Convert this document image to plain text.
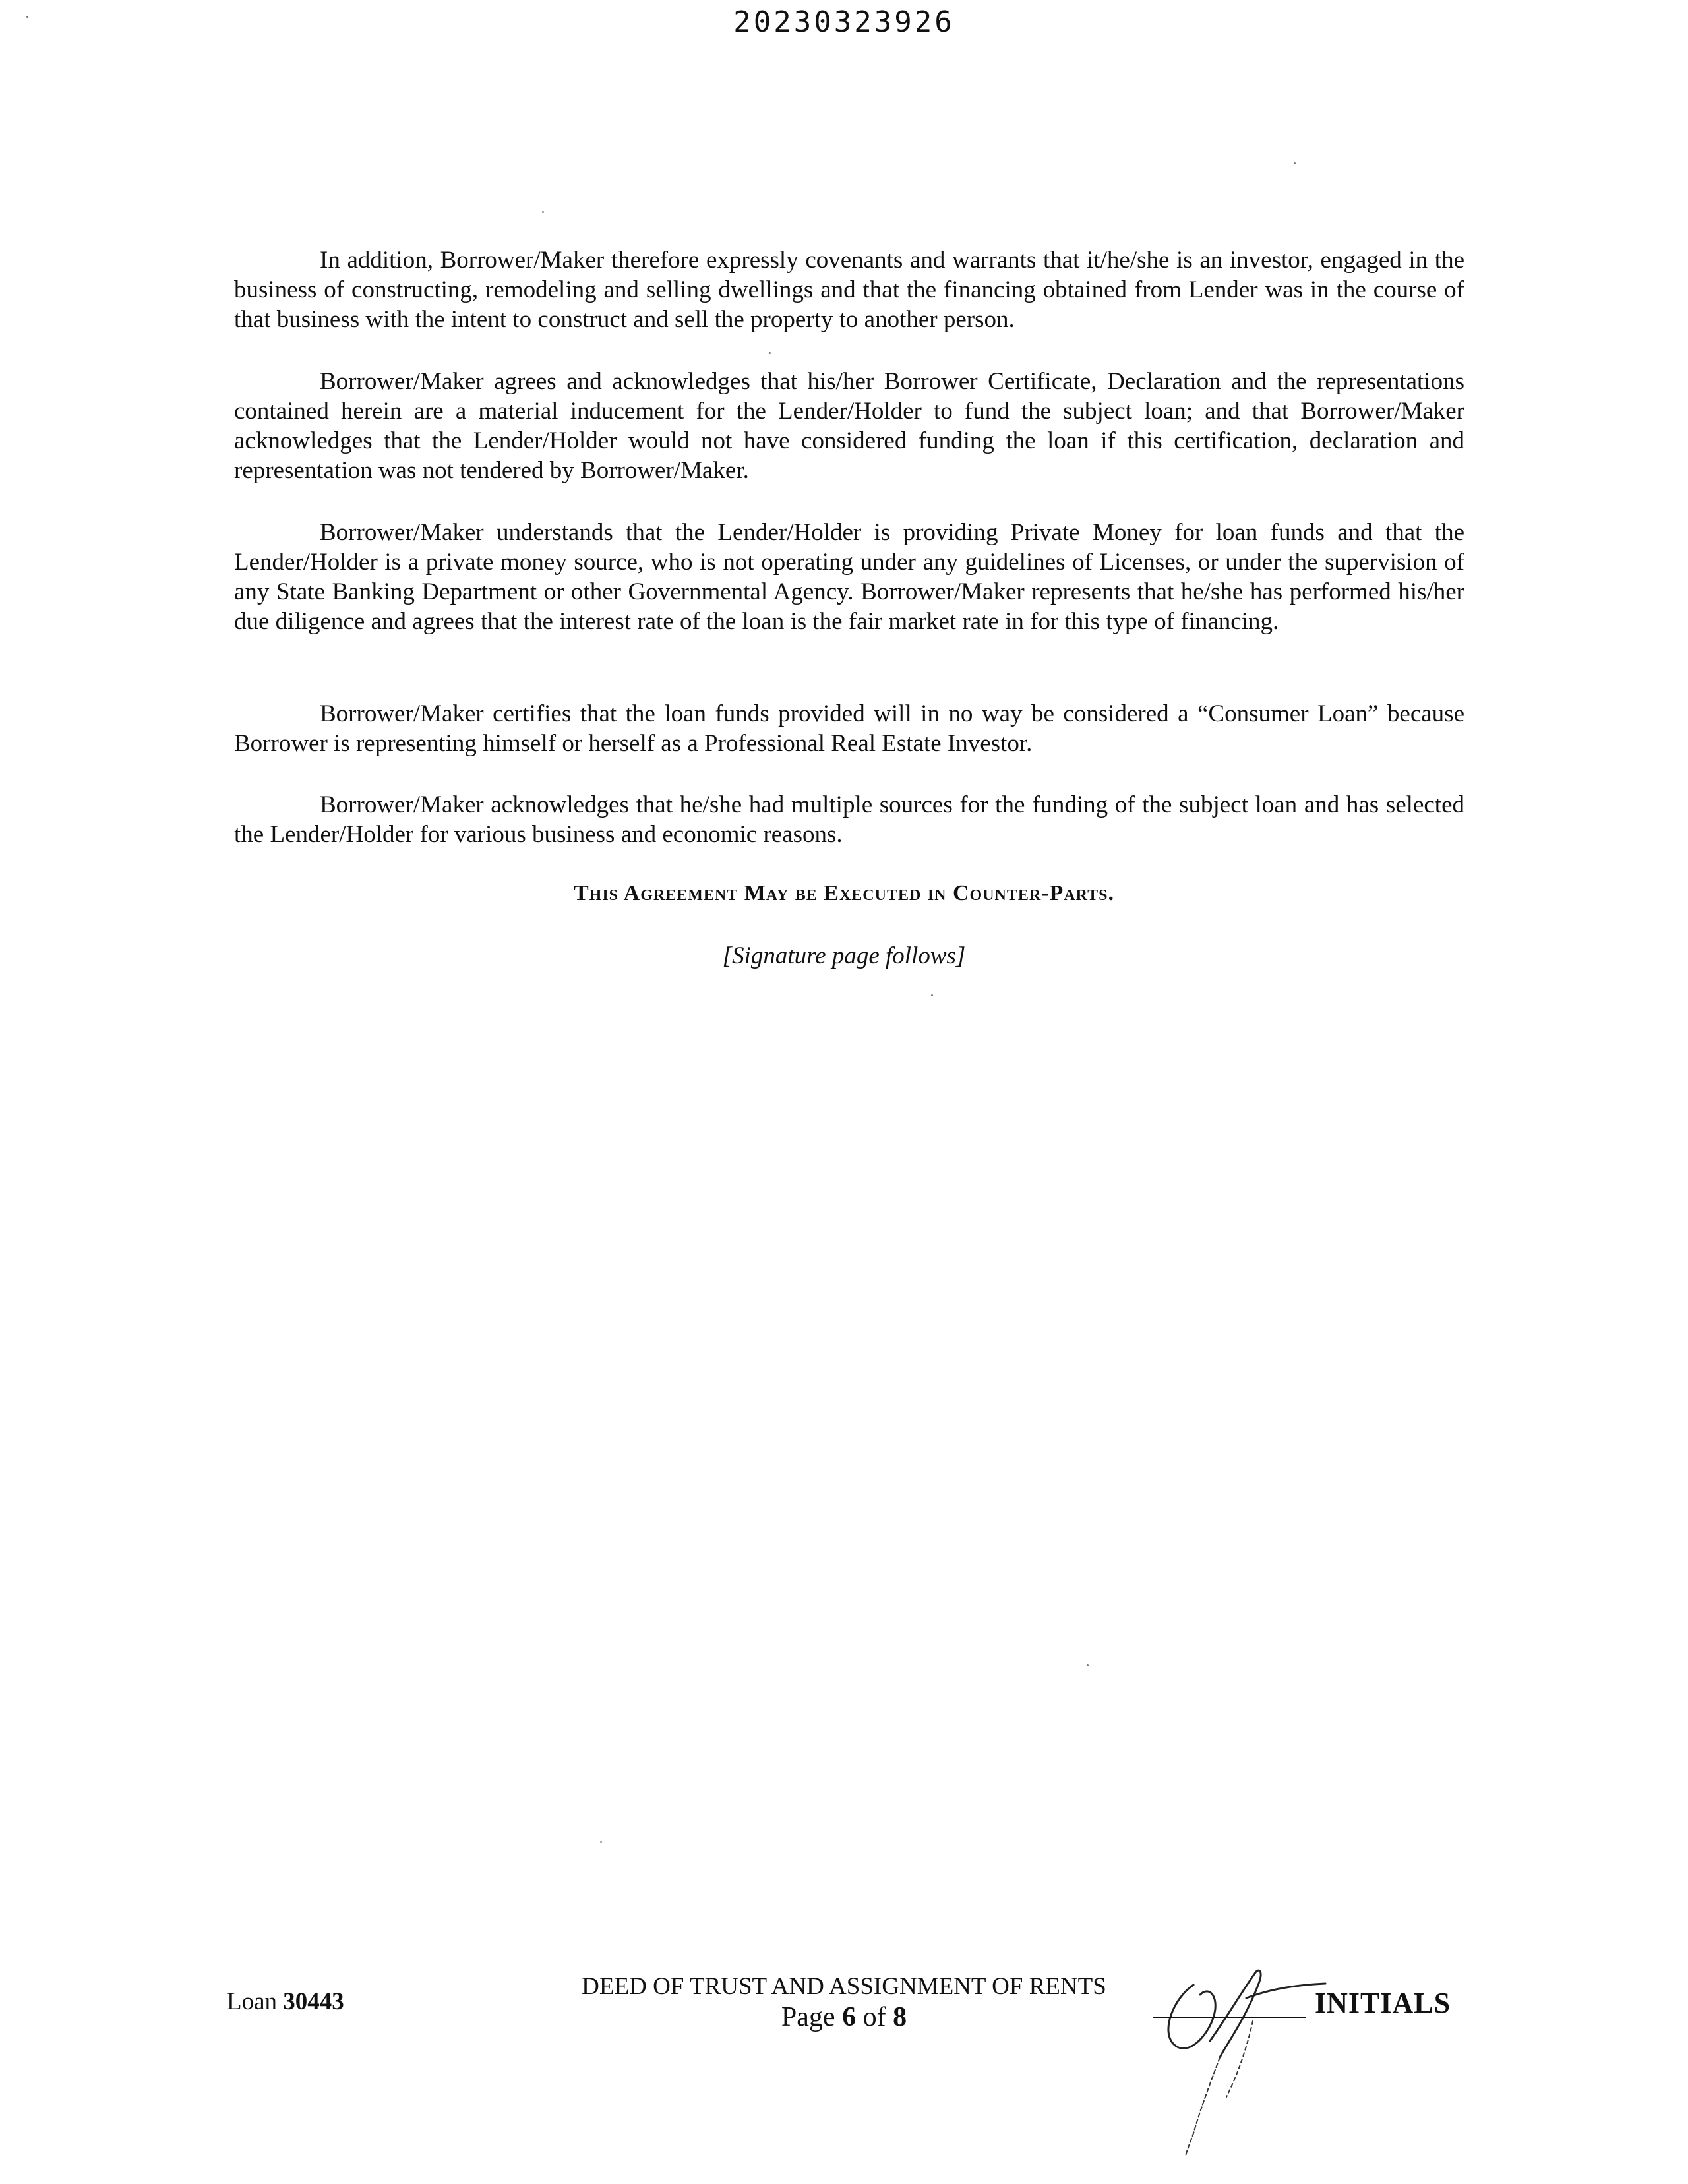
20230323926

In addition, Borrower/Maker therefore expressly covenants and warrants that it/he/she is an investor, engaged in the business of constructing, remodeling and selling dwellings and that the financing obtained from Lender was in the course of that business with the intent to construct and sell the property to another person.

Borrower/Maker agrees and acknowledges that his/her Borrower Certificate, Declaration and the representations contained herein are a material inducement for the Lender/Holder to fund the subject loan; and that Borrower/Maker acknowledges that the Lender/Holder would not have considered funding the loan if this certification, declaration and representation was not tendered by Borrower/Maker.

Borrower/Maker understands that the Lender/Holder is providing Private Money for loan funds and that the Lender/Holder is a private money source, who is not operating under any guidelines of Licenses, or under the supervision of any State Banking Department or other Governmental Agency. Borrower/Maker represents that he/she has performed his/her due diligence and agrees that the interest rate of the loan is the fair market rate in for this type of financing.

Borrower/Maker certifies that the loan funds provided will in no way be considered a “Consumer Loan” because Borrower is representing himself or herself as a Professional Real Estate Investor.

Borrower/Maker acknowledges that he/she had multiple sources for the funding of the subject loan and has selected the Lender/Holder for various business and economic reasons.

This Agreement May be Executed in Counter-Parts.

[Signature page follows]

Loan 30443
DEED OF TRUST AND ASSIGNMENT OF RENTS
Page 6 of 8	INITIALS
